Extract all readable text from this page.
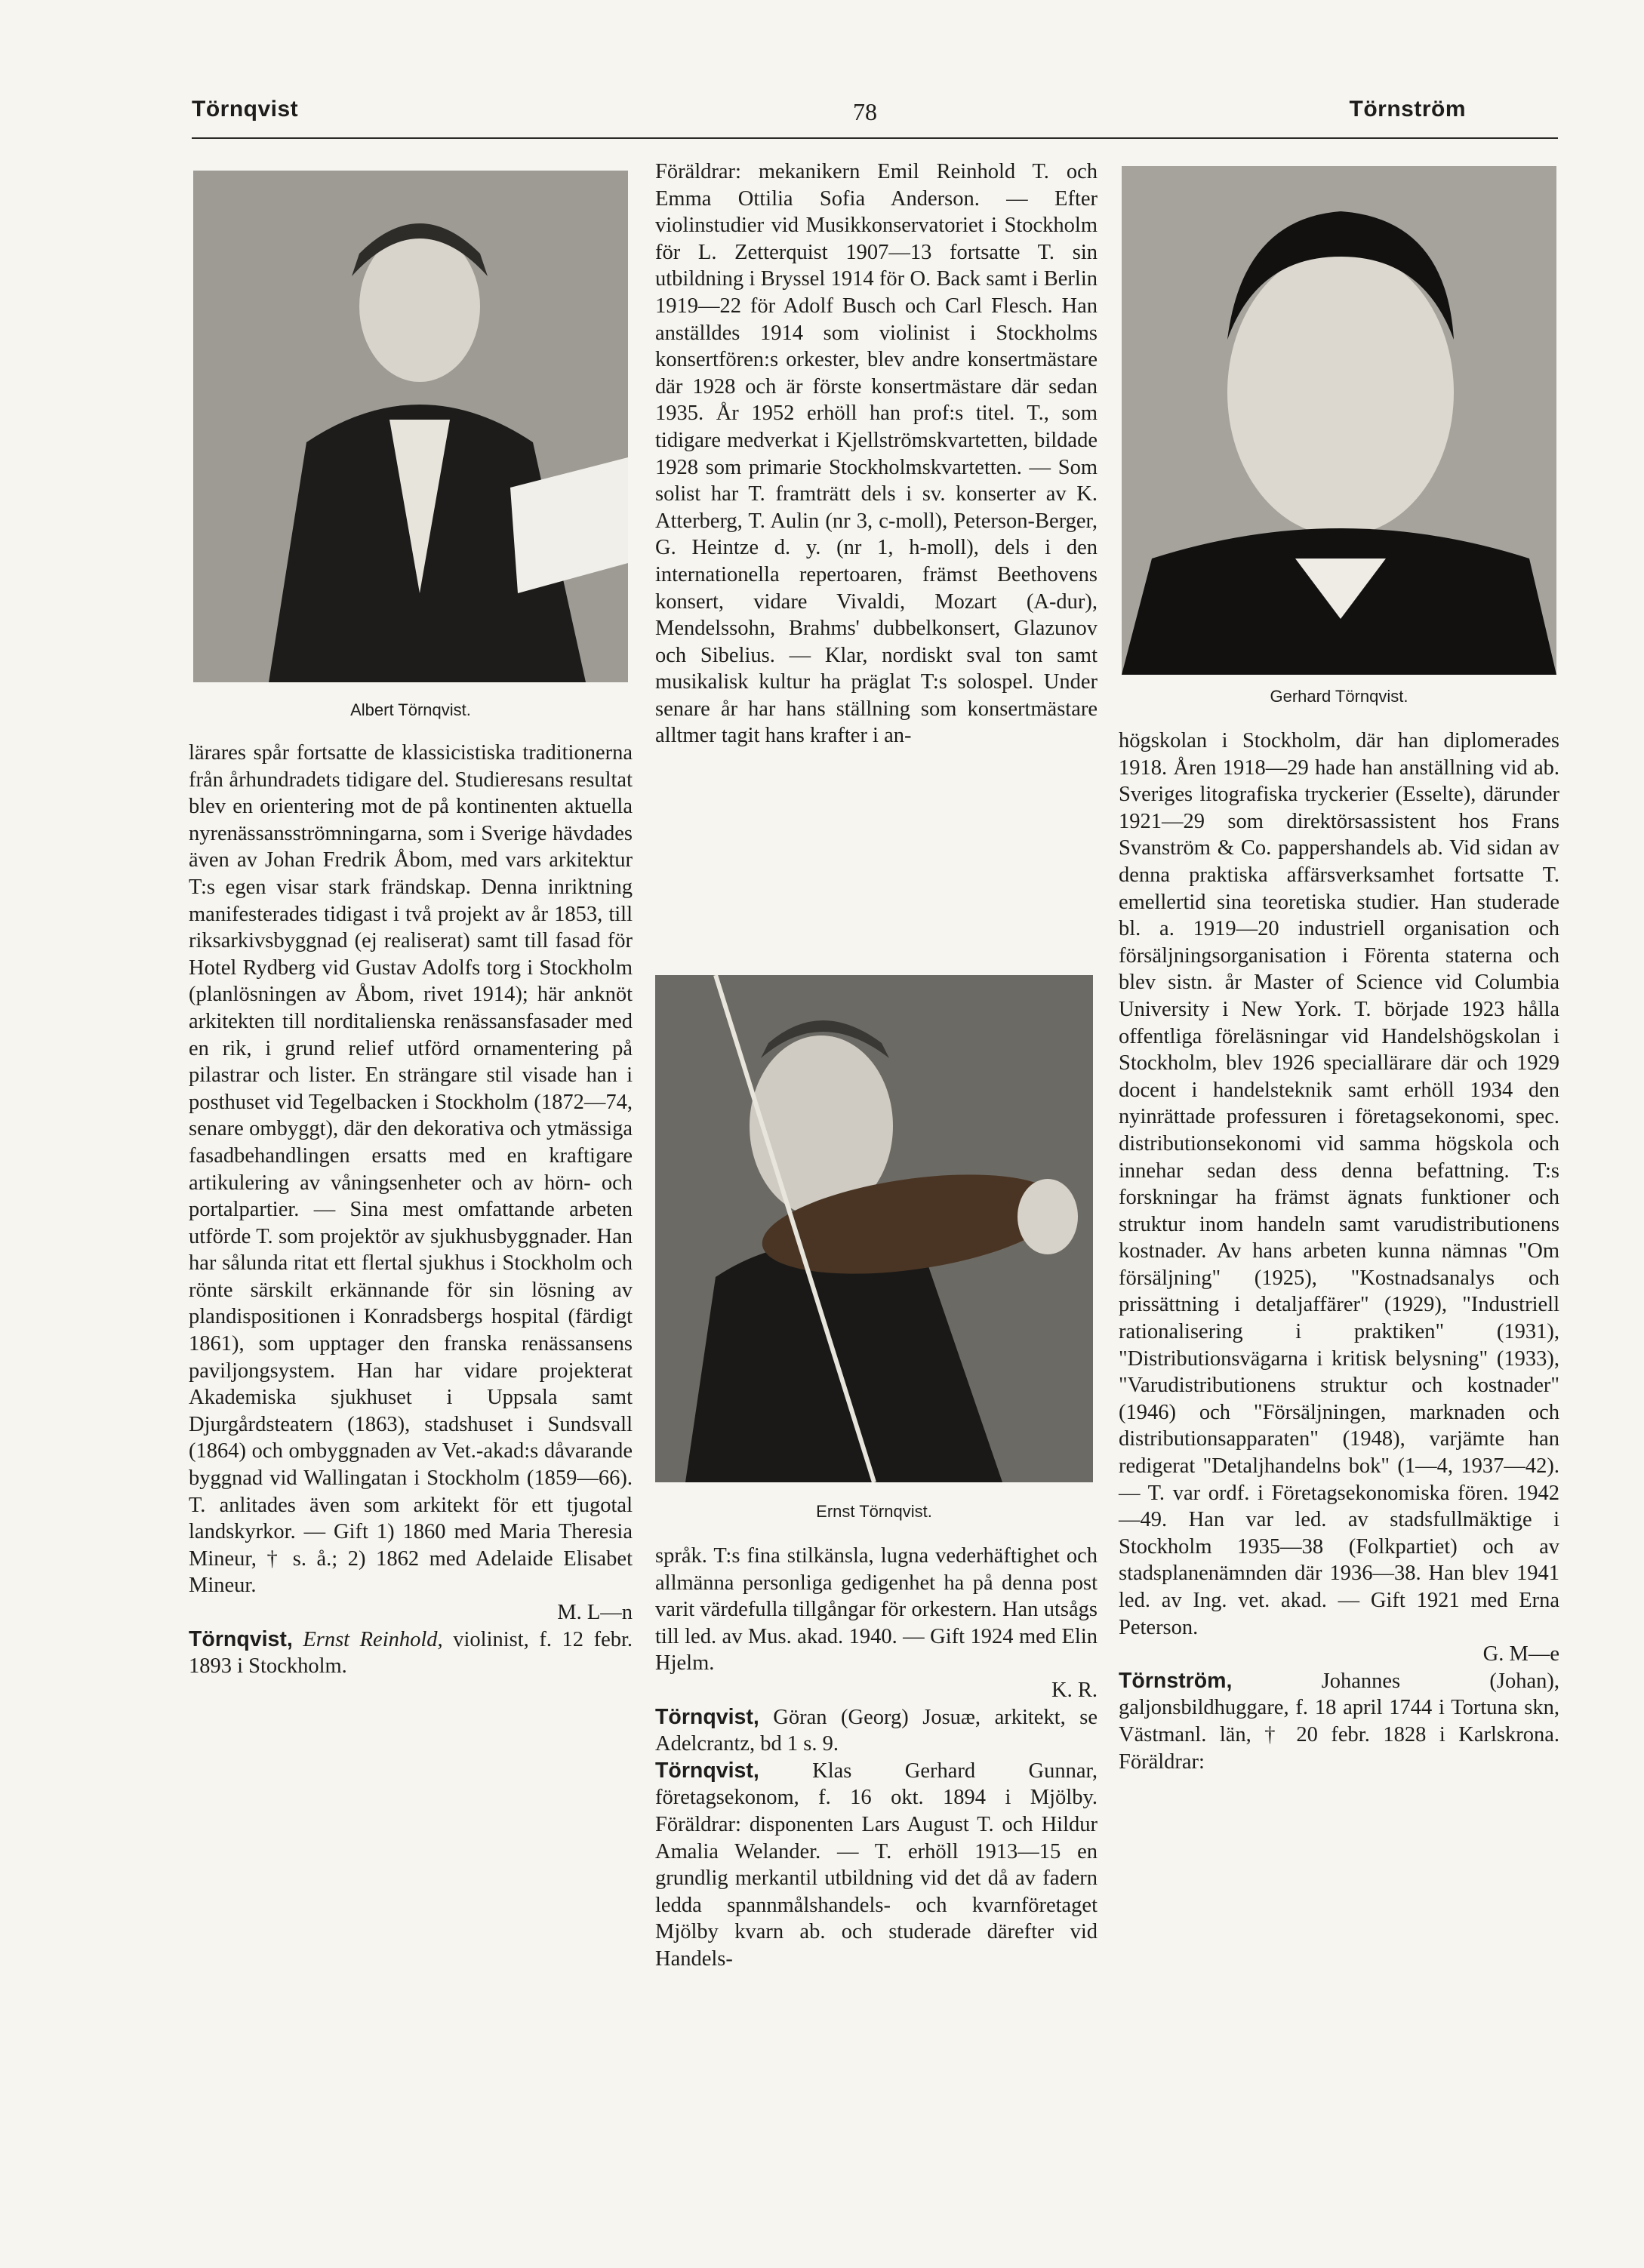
Törnqvist	78	Törnström
Albert Törnqvist.
Ernst Törnqvist.
Gerhard Törnqvist.

lärares spår fortsatte de klassicistiska traditionerna från århundradets tidigare del. Studieresans resultat blev en orientering mot de på kontinenten aktuella nyrenässansströmningarna, som i Sverige hävdades även av Johan Fredrik Åbom, med vars arkitektur T:s egen visar stark frändskap. Denna inriktning manifesterades tidigast i två projekt av år 1853, till riksarkivsbyggnad (ej realiserat) samt till fasad för Hotel Rydberg vid Gustav Adolfs torg i Stockholm (planlösningen av Åbom, rivet 1914); här anknöt arkitekten till norditalienska renässansfasader med en rik, i grund relief utförd ornamentering på pilastrar och lister. En strängare stil visade han i posthuset vid Tegelbacken i Stockholm (1872—74, senare ombyggt), där den dekorativa och ytmässiga fasadbehandlingen ersatts med en kraftigare artikulering av våningsenheter och av hörn- och portalpartier. — Sina mest omfattande arbeten utförde T. som projektör av sjukhusbyggnader. Han har sålunda ritat ett flertal sjukhus i Stockholm och rönte särskilt erkännande för sin lösning av plandispositionen i Konradsbergs hospital (färdigt 1861), som upptager den franska renässansens paviljongsystem. Han har vidare projekterat Akademiska sjukhuset i Uppsala samt Djurgårdsteatern (1863), stadshuset i Sundsvall (1864) och ombyggnaden av Vet.-akad:s dåvarande byggnad vid Wallingatan i Stockholm (1859—66). T. anlitades även som arkitekt för ett tjugotal landskyrkor. — Gift 1) 1860 med Maria Theresia Mineur, † s. å.; 2) 1862 med Adelaide Elisabet Mineur.

M. L—n

Törnqvist, Ernst Reinhold, violinist, f. 12 febr. 1893 i Stockholm.

Föräldrar: mekanikern Emil Reinhold T. och Emma Ottilia Sofia Anderson. — Efter violinstudier vid Musikkonservatoriet i Stockholm för L. Zetterquist 1907—13 fortsatte T. sin utbildning i Bryssel 1914 för O. Back samt i Berlin 1919—22 för Adolf Busch och Carl Flesch. Han anställdes 1914 som violinist i Stockholms konsertfören:s orkester, blev andre konsertmästare där 1928 och är förste konsertmästare där sedan 1935. År 1952 erhöll han prof:s titel. T., som tidigare medverkat i Kjellströmskvartetten, bildade 1928 som primarie Stockholmskvartetten. — Som solist har T. framträtt dels i sv. konserter av K. Atterberg, T. Aulin (nr 3, c-moll), Peterson-Berger, G. Heintze d. y. (nr 1, h-moll), dels i den internationella repertoaren, främst Beethovens konsert, vidare Vivaldi, Mozart (A-dur), Mendelssohn, Brahms' dubbelkonsert, Glazunov och Sibelius. — Klar, nordiskt sval ton samt musikalisk kultur ha präglat T:s solospel. Under senare år har hans ställning som konsertmästare alltmer tagit hans krafter i an-

språk. T:s fina stilkänsla, lugna vederhäftighet och allmänna personliga gedigenhet ha på denna post varit värdefulla tillgångar för orkestern. Han utsågs till led. av Mus. akad. 1940. — Gift 1924 med Elin Hjelm.

K. R.

Törnqvist, Göran (Georg) Josuæ, arkitekt, se Adelcrantz, bd 1 s. 9.

Törnqvist, Klas Gerhard Gunnar, företagsekonom, f. 16 okt. 1894 i Mjölby. Föräldrar: disponenten Lars August T. och Hildur Amalia Welander. — T. erhöll 1913—15 en grundlig merkantil utbildning vid det då av fadern ledda spannmålshandels- och kvarnföretaget Mjölby kvarn ab. och studerade därefter vid Handels-

högskolan i Stockholm, där han diplomerades 1918. Åren 1918—29 hade han anställning vid ab. Sveriges litografiska tryckerier (Esselte), därunder 1921—29 som direktörsassistent hos Frans Svanström & Co. pappershandels ab. Vid sidan av denna praktiska affärsverksamhet fortsatte T. emellertid sina teoretiska studier. Han studerade bl. a. 1919—20 industriell organisation och försäljningsorganisation i Förenta staterna och blev sistn. år Master of Science vid Columbia University i New York. T. började 1923 hålla offentliga föreläsningar vid Handelshögskolan i Stockholm, blev 1926 speciallärare där och 1929 docent i handelsteknik samt erhöll 1934 den nyinrättade professuren i företagsekonomi, spec. distributionsekonomi vid samma högskola och innehar sedan dess denna befattning. T:s forskningar ha främst ägnats funktioner och struktur inom handeln samt varudistributionens kostnader. Av hans arbeten kunna nämnas "Om försäljning" (1925), "Kostnadsanalys och prissättning i detaljaffärer" (1929), "Industriell rationalisering i praktiken" (1931), "Distributionsvägarna i kritisk belysning" (1933), "Varudistributionens struktur och kostnader" (1946) och "Försäljningen, marknaden och distributionsapparaten" (1948), varjämte han redigerat "Detaljhandelns bok" (1—4, 1937—42). — T. var ordf. i Företagsekonomiska fören. 1942—49. Han var led. av stadsfullmäktige i Stockholm 1935—38 (Folkpartiet) och av stadsplanenämnden där 1936—38. Han blev 1941 led. av Ing. vet. akad. — Gift 1921 med Erna Peterson.

G. M—e

Törnström,	Johannes (Johan), galjonsbildhuggare, f. 18 april 1744 i Tortuna skn, Västmanl. län, † 20 febr. 1828 i Karlskrona. Föräldrar:
